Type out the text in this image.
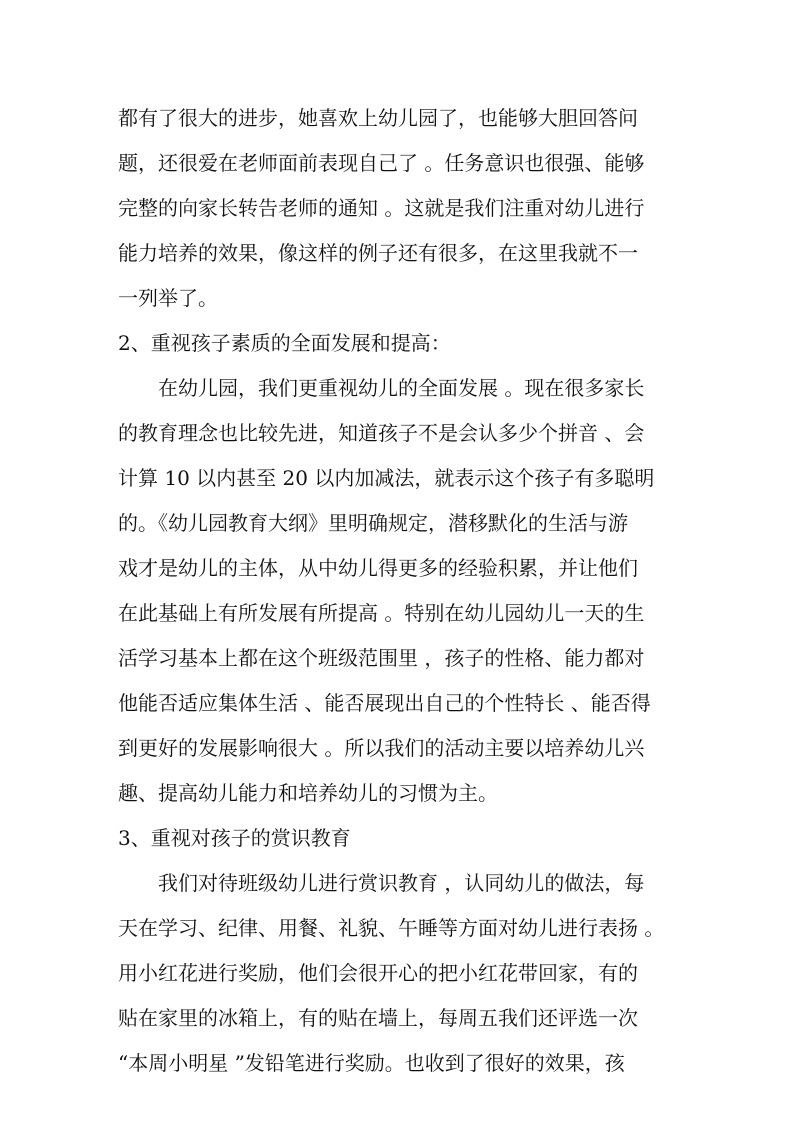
都有了很大的进步，她喜欢上幼儿园了，也能够大胆回答问
题，还很爱在老师面前表现自己了 。任务意识也很强、能够
完整的向家长转告老师的通知 。这就是我们注重对幼儿进行
能力培养的效果，像这样的例子还有很多，在这里我就不一
一列举了。
2、重视孩子素质的全面发展和提高：
在幼儿园，我们更重视幼儿的全面发展 。现在很多家长
的教育理念也比较先进，知道孩子不是会认多少个拼音 、会
计算 10 以内甚至 20 以内加减法，就表示这个孩子有多聪明
的。《幼儿园教育大纲》里明确规定，潜移默化的生活与游
戏才是幼儿的主体，从中幼儿得更多的经验积累，并让他们
在此基础上有所发展有所提高 。特别在幼儿园幼儿一天的生
活学习基本上都在这个班级范围里 ，孩子的性格、能力都对
他能否适应集体生活 、能否展现出自己的个性特长 、能否得
到更好的发展影响很大 。所以我们的活动主要以培养幼儿兴
趣、提高幼儿能力和培养幼儿的习惯为主。
3、重视对孩子的赏识教育
我们对待班级幼儿进行赏识教育 ，认同幼儿的做法，每
天在学习、纪律、用餐、礼貌、午睡等方面对幼儿进行表扬 。
用小红花进行奖励，他们会很开心的把小红花带回家，有的
贴在家里的冰箱上，有的贴在墙上，每周五我们还评选一次
“本周小明星 ”发铅笔进行奖励。也收到了很好的效果，孩
